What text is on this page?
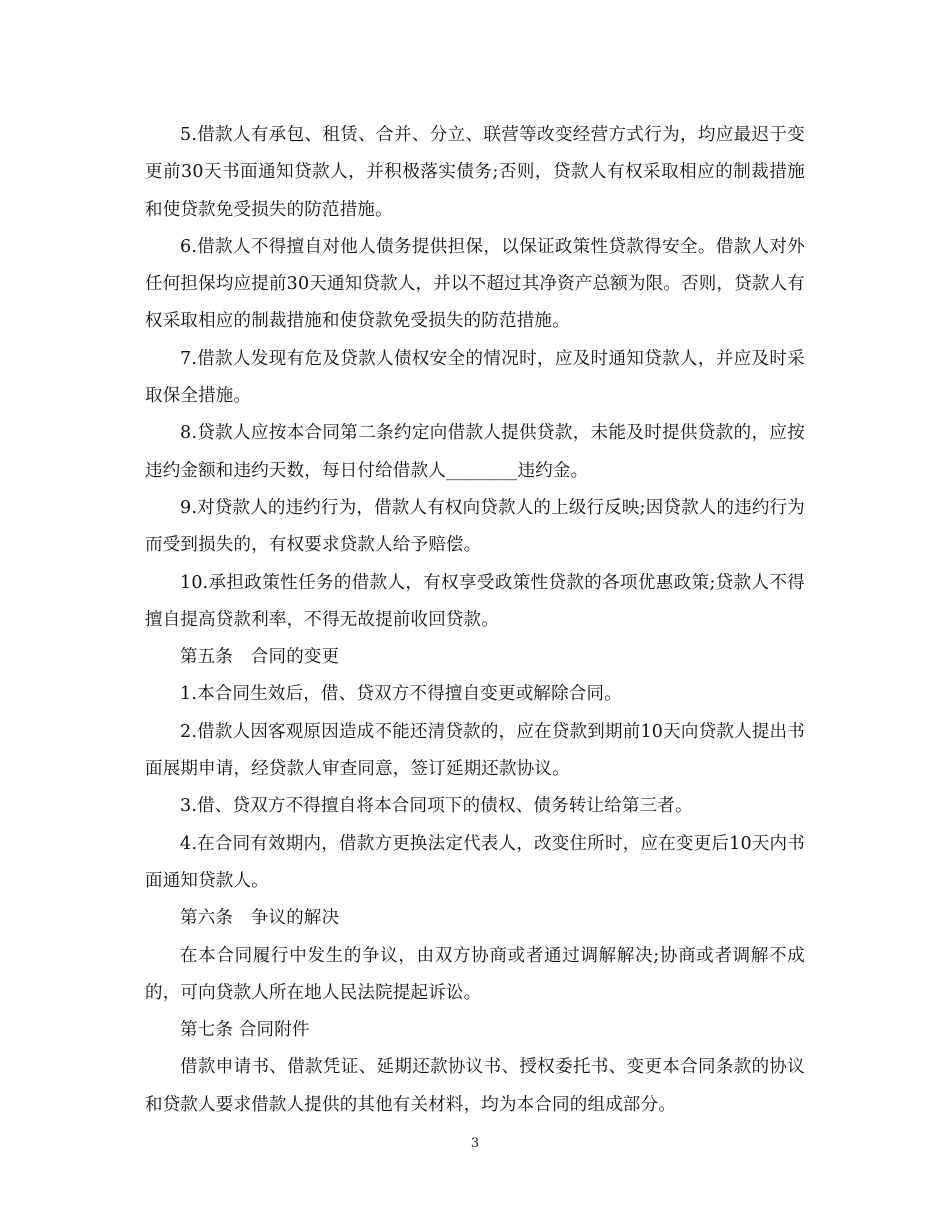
5.借款人有承包、租赁、合并、分立、联营等改变经营方式行为，均应最迟于变更前30天书面通知贷款人，并积极落实债务;否则，贷款人有权采取相应的制裁措施和使贷款免受损失的防范措施。

6.借款人不得擅自对他人债务提供担保，以保证政策性贷款得安全。借款人对外任何担保均应提前30天通知贷款人，并以不超过其净资产总额为限。否则，贷款人有权采取相应的制裁措施和使贷款免受损失的防范措施。

7.借款人发现有危及贷款人债权安全的情况时，应及时通知贷款人，并应及时采取保全措施。

8.贷款人应按本合同第二条约定向借款人提供贷款，未能及时提供贷款的，应按违约金额和违约天数，每日付给借款人________违约金。

9.对贷款人的违约行为，借款人有权向贷款人的上级行反映;因贷款人的违约行为而受到损失的，有权要求贷款人给予赔偿。

10.承担政策性任务的借款人，有权享受政策性贷款的各项优惠政策;贷款人不得擅自提高贷款利率，不得无故提前收回贷款。

第五条　合同的变更

1.本合同生效后，借、贷双方不得擅自变更或解除合同。

2.借款人因客观原因造成不能还清贷款的，应在贷款到期前10天向贷款人提出书面展期申请，经贷款人审查同意，签订延期还款协议。

3.借、贷双方不得擅自将本合同项下的债权、债务转让给第三者。

4.在合同有效期内，借款方更换法定代表人，改变住所时，应在变更后10天内书面通知贷款人。

第六条　争议的解决

在本合同履行中发生的争议，由双方协商或者通过调解解决;协商或者调解不成的，可向贷款人所在地人民法院提起诉讼。

第七条 合同附件

借款申请书、借款凭证、延期还款协议书、授权委托书、变更本合同条款的协议和贷款人要求借款人提供的其他有关材料，均为本合同的组成部分。

3
